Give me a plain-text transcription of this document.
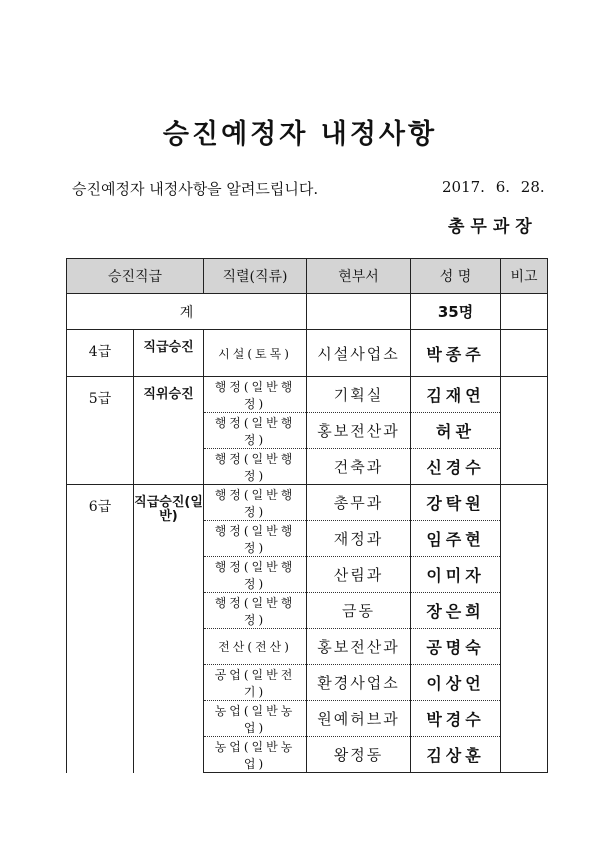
승진예정자 내정사항
승진예정자 내정사항을 알려드립니다.	2017. 6. 28.
총무과장
승진직급		직렬(직류)	현부서	성 명	비고
계				35명	
4급	직급승진	시설(토목)	시설사업소	박종주	
5급	직위승진	행정(일반행정)	기획실	김재연	
		행정(일반행정)	홍보전산과	허관	
		행정(일반행정)	건축과	신경수	
6급	직급승진(일반)	행정(일반행정)	총무과	강탁원	
		행정(일반행정)	재정과	임주현	
		행정(일반행정)	산림과	이미자	
		행정(일반행정)	금동	장은희	
		전산(전산)	홍보전산과	공명숙	
		공업(일반전기)	환경사업소	이상언	
		농업(일반농업)	원예허브과	박경수	
		농업(일반농업)	왕정동	김상훈	
